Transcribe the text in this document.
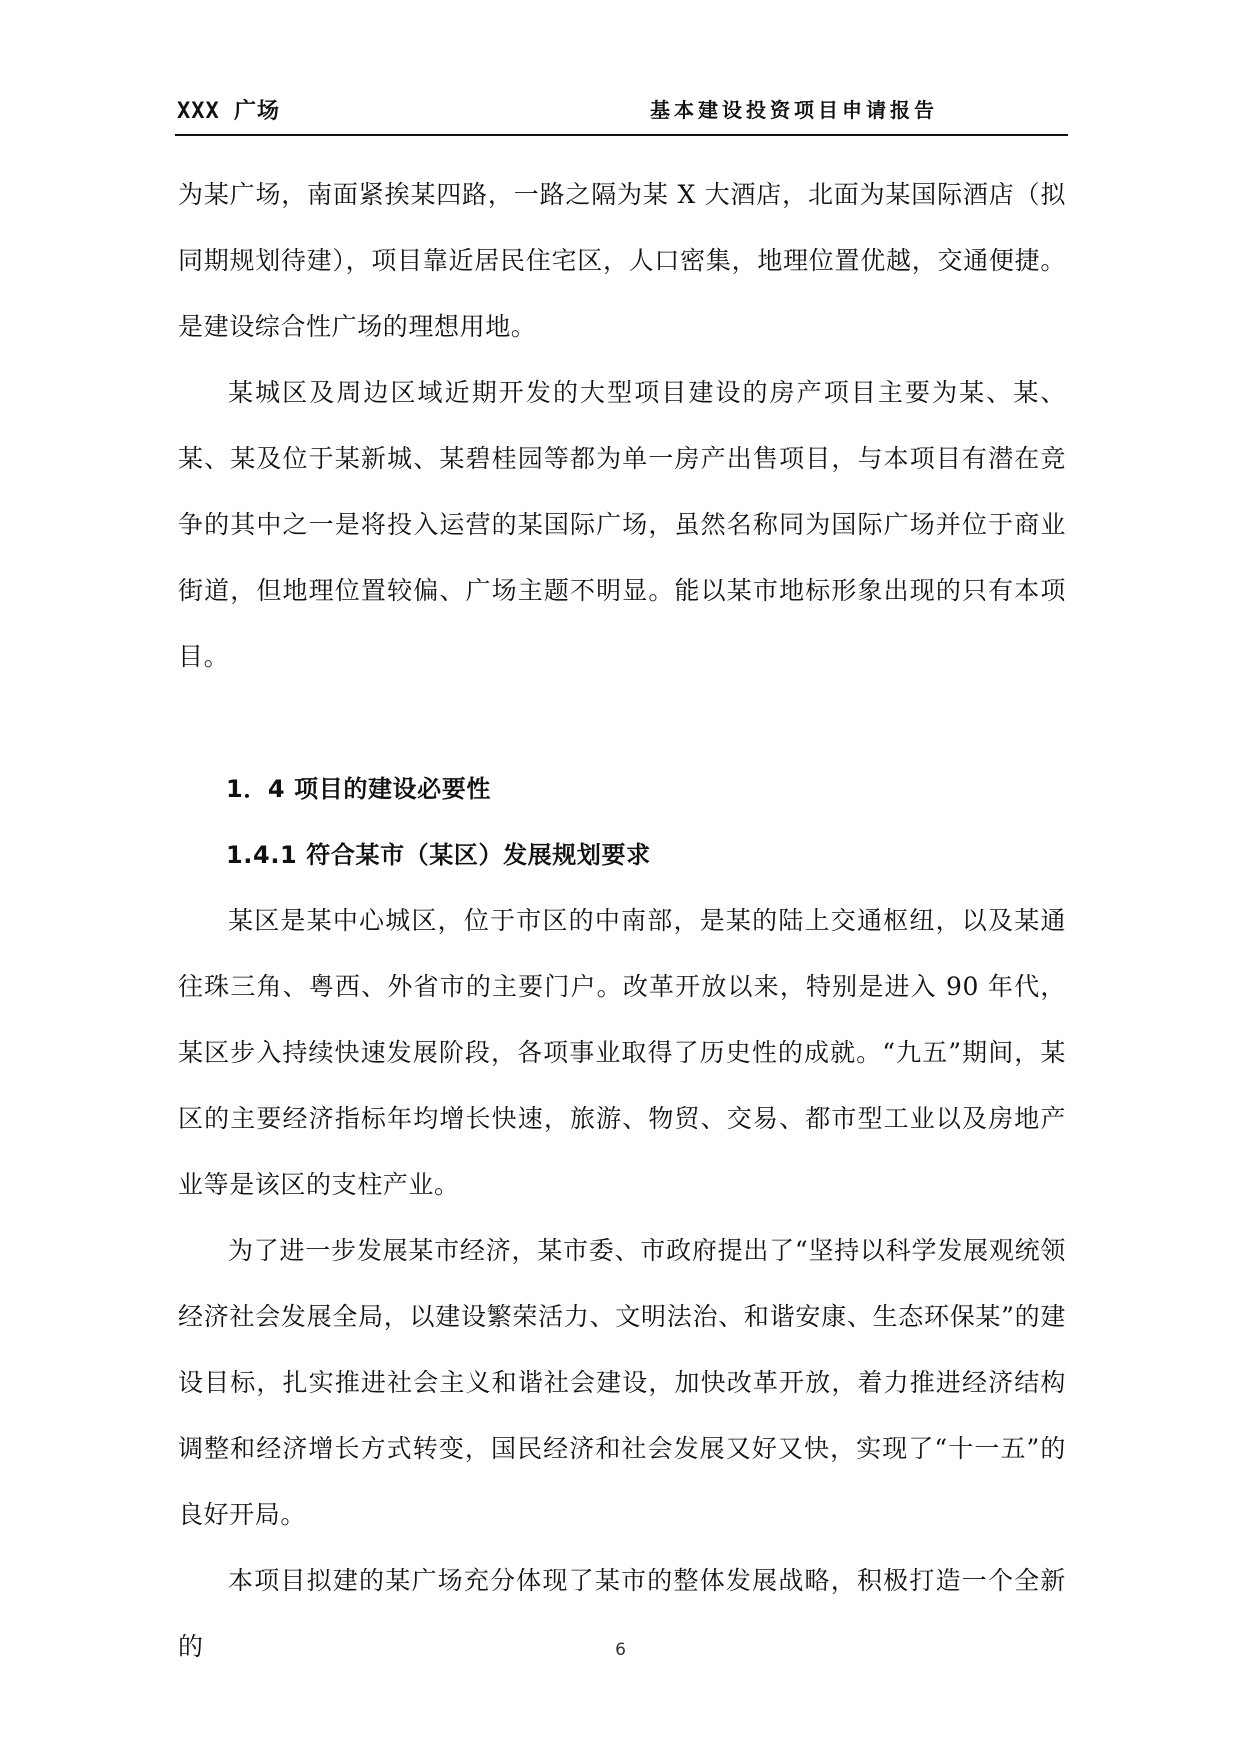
XXX 广场	基本建设投资项目申请报告

为某广场，南面紧挨某四路，一路之隔为某 X 大酒店，北面为某国际酒店（拟同期规划待建），项目靠近居民住宅区，人口密集，地理位置优越，交通便捷。是建设综合性广场的理想用地。

某城区及周边区域近期开发的大型项目建设的房产项目主要为某、某、某、某及位于某新城、某碧桂园等都为单一房产出售项目，与本项目有潜在竞争的其中之一是将投入运营的某国际广场，虽然名称同为国际广场并位于商业街道，但地理位置较偏、广场主题不明显。能以某市地标形象出现的只有本项目。

1．4 项目的建设必要性

1.4.1 符合某市（某区）发展规划要求

某区是某中心城区，位于市区的中南部，是某的陆上交通枢纽，以及某通往珠三角、粤西、外省市的主要门户。改革开放以来，特别是进入 90 年代，某区步入持续快速发展阶段，各项事业取得了历史性的成就。“九五”期间，某区的主要经济指标年均增长快速，旅游、物贸、交易、都市型工业以及房地产业等是该区的支柱产业。

为了进一步发展某市经济，某市委、市政府提出了“坚持以科学发展观统领经济社会发展全局，以建设繁荣活力、文明法治、和谐安康、生态环保某”的建设目标，扎实推进社会主义和谐社会建设，加快改革开放，着力推进经济结构调整和经济增长方式转变，国民经济和社会发展又好又快，实现了“十一五”的良好开局。

本项目拟建的某广场充分体现了某市的整体发展战略，积极打造一个全新的	6
